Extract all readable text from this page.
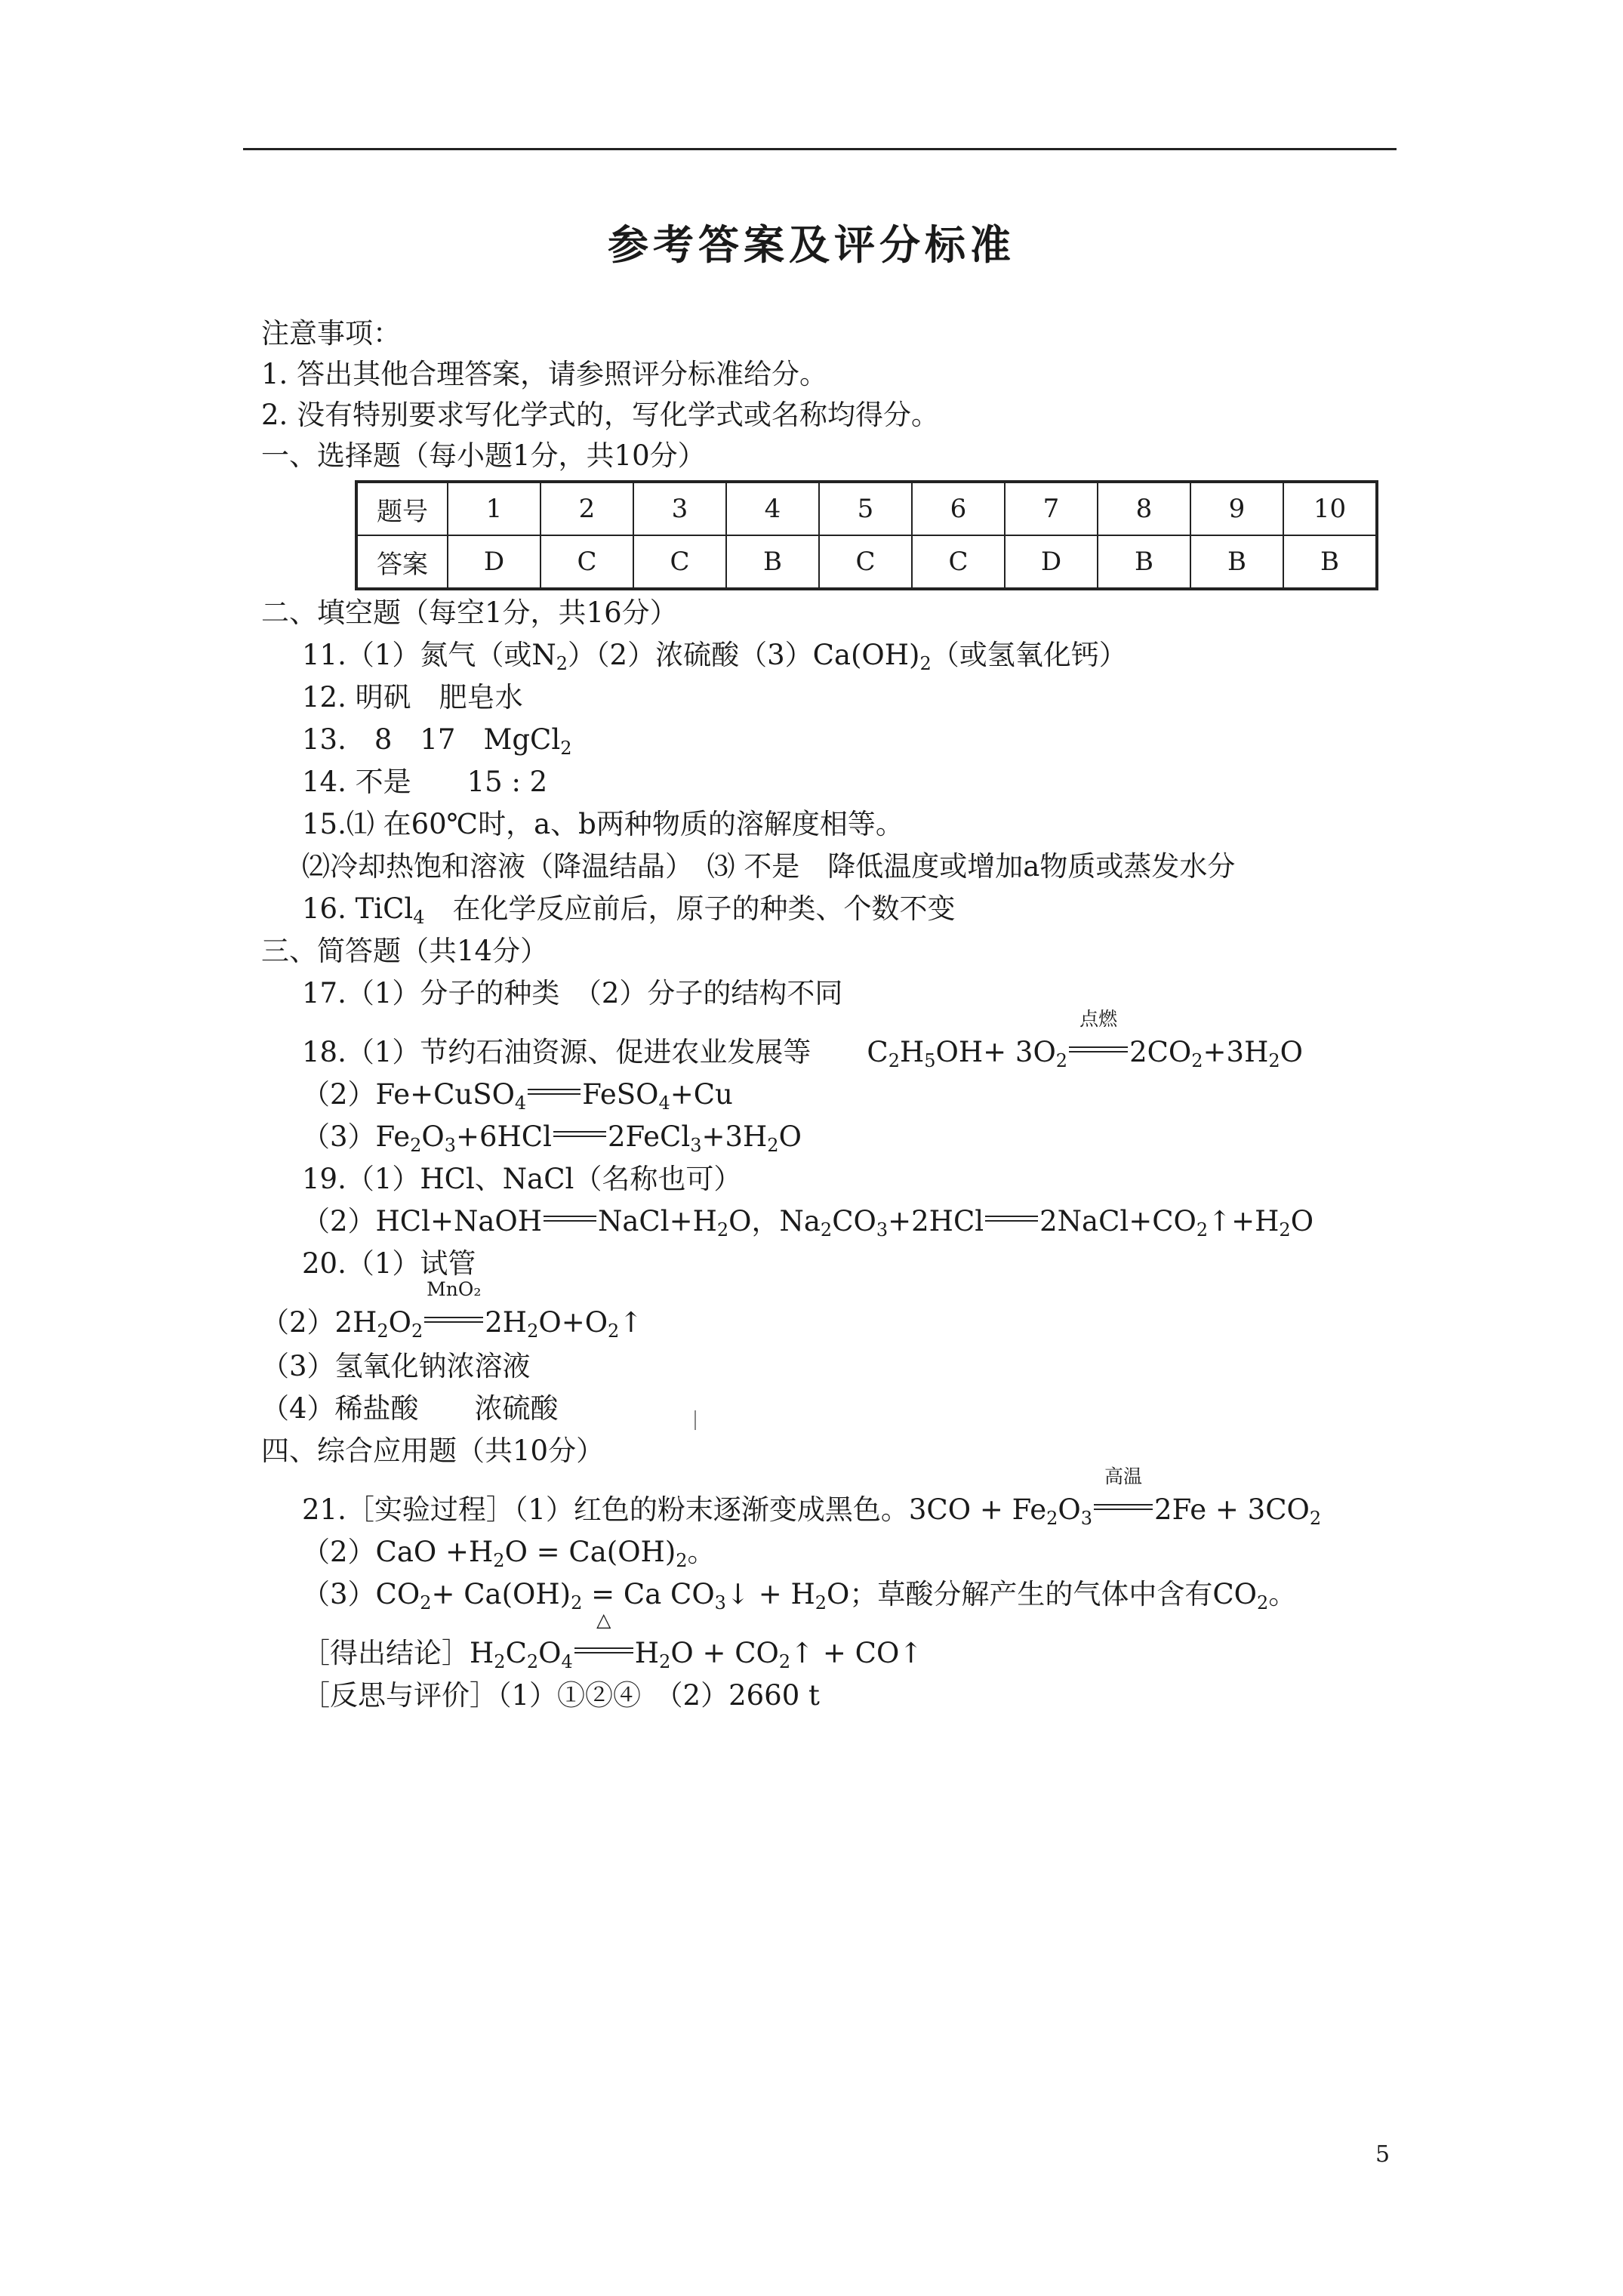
参考答案及评分标准
注意事项：
1. 答出其他合理答案，请参照评分标准给分。
2. 没有特别要求写化学式的，写化学式或名称均得分。
一、选择题（每小题1分，共10分）
题号	1	2	3	4	5	6	7	8	9	10
答案	D	C	C	B	C	C	D	B	B	B
二、填空题（每空1分，共16分）
11.（1）氮气（或$N_2)(2)$浓硫酸$(3)Ca(OH)_2$（或氢氧化钙）
12. 明矾　肥皂水
13.　8　17　MgCl$_2$
14. 不是　　15 : 2
15.⑴ 在60℃时，a、b两种物质的溶解度相等。
⑵冷却热饱和溶液（降温结晶）　⑶ 不是　降低温度或增加a物质或蒸发水分
16. TiCl$_4$　在化学反应前后，原子的种类、个数不变
三、简答题（共14分）
17.（1）分子的种类　（2）分子的结构不同
18.（1）节约石油资源、促进农业发展等　　$C_2H_5OH+ 3O_2$
点燃
$2CO_2+3H_2O$
（2）Fe+CuSO$_4$ FeSO$_4$+Cu
$(3)Fe_2O_3+6HCl$ $2FeCl_3+3H_2O$
19.（1）HCl、NaCl（名称也可）
（2）HCl+NaOH $NaCl+H_2O$，$Na_2CO_3+2HCl$ $2NaCl+CO_2↑+H_2O$
20.（1）试管
$(2)2H_2O_2$
MnO₂
$2H_2O+O_2↑$
（3）氢氧化钠浓溶液
（4）稀盐酸　　浓硫酸
四、综合应用题（共10分）
21.［实验过程］（1）红色的粉末逐渐变成黑色。$3CO + Fe_2O_3$
高温
$2Fe + 3CO_2$
$(2)CaO +H_2O = Ca(OH)_2$。
$(3)CO_2+ Ca(OH)_2 = Ca$ $CO_3↓ + H_2O$；草酸分解产生的气体中含有$CO_2$。
［得出结论$]H_2C_2O_4$
△
$H_2O$ + $CO_2↑$ + CO↑
［反思与评价］（1）①②④　（2）2660 t
5
